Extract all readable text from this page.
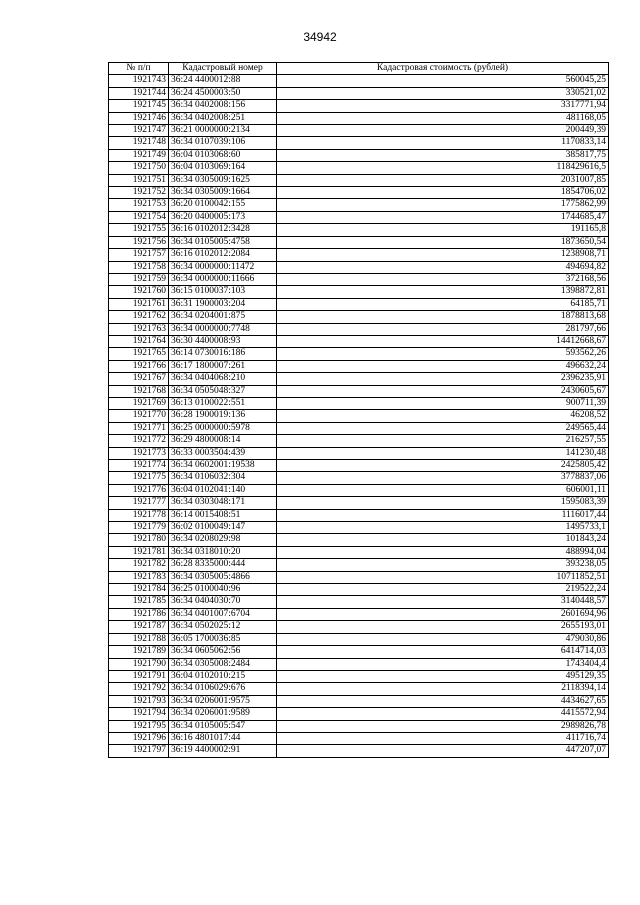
34942
№ п/п	Кадастровый номер	Кадастровая стоимость (рублей)
1921743	36:24 4400012:88	560045,25
1921744	36:24 4500003:50	330521,02
1921745	36:34 0402008:156	3317771,94
1921746	36:34 0402008:251	481168,05
1921747	36:21 0000000:2134	200449,39
1921748	36:34 0107039:106	1170833,14
1921749	36:04 0103068:60	385817,75
1921750	36:04 0103069:164	118429616,5
1921751	36:34 0305009:1625	2031007,85
1921752	36:34 0305009:1664	1854706,02
1921753	36:20 0100042:155	1775862,99
1921754	36:20 0400005:173	1744685,47
1921755	36:16 0102012:3428	191165,8
1921756	36:34 0105005:4758	1873650,54
1921757	36:16 0102012:2084	1238908,71
1921758	36:34 0000000:11472	494694,82
1921759	36:34 0000000:11666	372168,56
1921760	36:15 0100037:103	1398872,81
1921761	36:31 1900003:204	64185,71
1921762	36:34 0204001:875	1878813,68
1921763	36:34 0000000:7748	281797,66
1921764	36:30 4400008:93	14412668,67
1921765	36:14 0730016:186	593562,26
1921766	36:17 1800007:261	496632,24
1921767	36:34 0404068:210	2396235,91
1921768	36:34 0505048:327	2430605,67
1921769	36:13 0100022:551	900711,39
1921770	36:28 1900019:136	46208,52
1921771	36:25 0000000:5978	249565,44
1921772	36:29 4800008:14	216257,55
1921773	36:33 0003504:439	141230,48
1921774	36:34 0602001:19538	2425805,42
1921775	36:34 0106032:304	3778837,06
1921776	36:04 0102041:140	606001,11
1921777	36:34 0303048:171	1595083,39
1921778	36:14 0015408:51	1116017,44
1921779	36:02 0100049:147	1495733,1
1921780	36:34 0208029:98	101843,24
1921781	36:34 0318010:20	488994,04
1921782	36:28 8335000:444	393238,05
1921783	36:34 0305005:4866	10711852,51
1921784	36:25 0100040:96	219522,24
1921785	36:34 0404030:70	3140448,57
1921786	36:34 0401007:6704	2601694,96
1921787	36:34 0502025:12	2655193,01
1921788	36:05 1700036:85	479030,86
1921789	36:34 0605062:56	6414714,03
1921790	36:34 0305008:2484	1743404,4
1921791	36:04 0102010:215	495129,35
1921792	36:34 0106029:676	2118394,14
1921793	36:34 0206001:9575	4434627,65
1921794	36:34 0206001:9589	4415572,94
1921795	36:34 0105005:547	2989826,78
1921796	36:16 4801017:44	411716,74
1921797	36:19 4400002:91	447207,07
